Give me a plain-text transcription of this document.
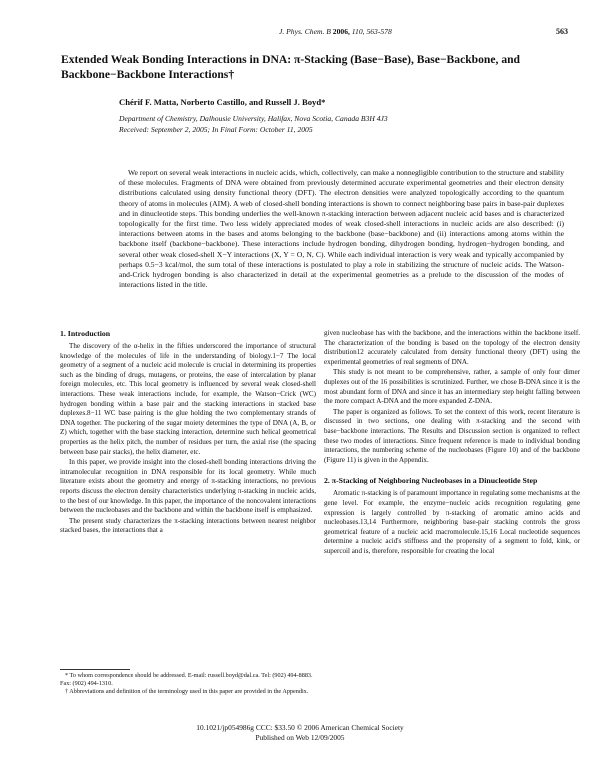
J. Phys. Chem. B 2006, 110, 563-578	563
Extended Weak Bonding Interactions in DNA: π-Stacking (Base−Base), Base−Backbone, and Backbone−Backbone Interactions†
Chérif F. Matta, Norberto Castillo, and Russell J. Boyd*
Department of Chemistry, Dalhousie University, Halifax, Nova Scotia, Canada B3H 4J3
Received: September 2, 2005; In Final Form: October 11, 2005
We report on several weak interactions in nucleic acids, which, collectively, can make a nonnegligible contribution to the structure and stability of these molecules. Fragments of DNA were obtained from previously determined accurate experimental geometries and their electron density distributions calculated using density functional theory (DFT). The electron densities were analyzed topologically according to the quantum theory of atoms in molecules (AIM). A web of closed-shell bonding interactions is shown to connect neighboring base pairs in base-pair duplexes and in dinucleotide steps. This bonding underlies the well-known π-stacking interaction between adjacent nucleic acid bases and is characterized topologically for the first time. Two less widely appreciated modes of weak closed-shell interactions in nucleic acids are also described: (i) interactions between atoms in the bases and atoms belonging to the backbone (base−backbone) and (ii) interactions among atoms within the backbone itself (backbone−backbone). These interactions include hydrogen bonding, dihydrogen bonding, hydrogen−hydrogen bonding, and several other weak closed-shell X−Y interactions (X, Y = O, N, C). While each individual interaction is very weak and typically accompanied by perhaps 0.5−3 kcal/mol, the sum total of these interactions is postulated to play a role in stabilizing the structure of nucleic acids. The Watson-and-Crick hydrogen bonding is also characterized in detail at the experimental geometries as a prelude to the discussion of the modes of interactions listed in the title.
1. Introduction

The discovery of the α-helix in the fifties underscored the importance of structural knowledge of the molecules of life in the understanding of biology.1−7 The local geometry of a segment of a nucleic acid molecule is crucial in determining its properties such as the binding of drugs, mutagens, or proteins, the ease of intercalation by planar foreign molecules, etc. This local geometry is influenced by several weak closed-shell interactions. These weak interactions include, for example, the Watson−Crick (WC) hydrogen bonding within a base pair and the stacking interactions in stacked base duplexes.8−11 WC base pairing is the glue holding the two complementary strands of DNA together. The puckering of the sugar moiety determines the type of DNA (A, B, or Z) which, together with the base stacking interaction, determine such helical geometrical properties as the helix pitch, the number of residues per turn, the axial rise (the spacing between base pair stacks), the helix diameter, etc.

In this paper, we provide insight into the closed-shell bonding interactions driving the intramolecular recognition in DNA responsible for its local geometry. While much literature exists about the geometry and energy of π-stacking interactions, no previous reports discuss the electron density characteristics underlying π-stacking in nucleic acids, to the best of our knowledge. In this paper, the importance of the noncovalent interactions between the nucleobases and the backbone and within the backbone itself is emphasized.

The present study characterizes the π-stacking interactions between nearest neighbor stacked bases, the interactions that a

* To whom correspondence should be addressed. E-mail: russell.boyd@dal.ca. Tel: (902) 494-8883. Fax: (902) 494-1310.
† Abbreviations and definition of the terminology used in this paper are provided in the Appendix.

given nucleobase has with the backbone, and the interactions within the backbone itself. The characterization of the bonding is based on the topology of the electron density distribution12 accurately calculated from density functional theory (DFT) using the experimental geometries of real segments of DNA.

This study is not meant to be comprehensive, rather, a sample of only four dimer duplexes out of the 16 possibilities is scrutinized. Further, we chose B-DNA since it is the most abundant form of DNA and since it has an intermediary step height falling between the more compact A-DNA and the more expanded Z-DNA.

The paper is organized as follows. To set the context of this work, recent literature is discussed in two sections, one dealing with π-stacking and the second with base−backbone interactions. The Results and Discussion section is organized to reflect these two modes of interactions. Since frequent reference is made to individual bonding interactions, the numbering scheme of the nucleobases (Figure 10) and of the backbone (Figure 11) is given in the Appendix.

2. π-Stacking of Neighboring Nucleobases in a Dinucleotide Step

Aromatic π-stacking is of paramount importance in regulating some mechanisms at the gene level. For example, the enzyme−nucleic acids recognition regulating gene expression is largely controlled by π-stacking of aromatic amino acids and nucleobases.13,14 Furthermore, neighboring base-pair stacking controls the gross geometrical feature of a nucleic acid macromolecule.15,16 Local nucleotide sequences determine a nucleic acid's stiffness and the propensity of a segment to fold, kink, or supercoil and is, therefore, responsible for creating the local

10.1021/jp054986g CCC: $33.50 © 2006 American Chemical Society
Published on Web 12/09/2005
